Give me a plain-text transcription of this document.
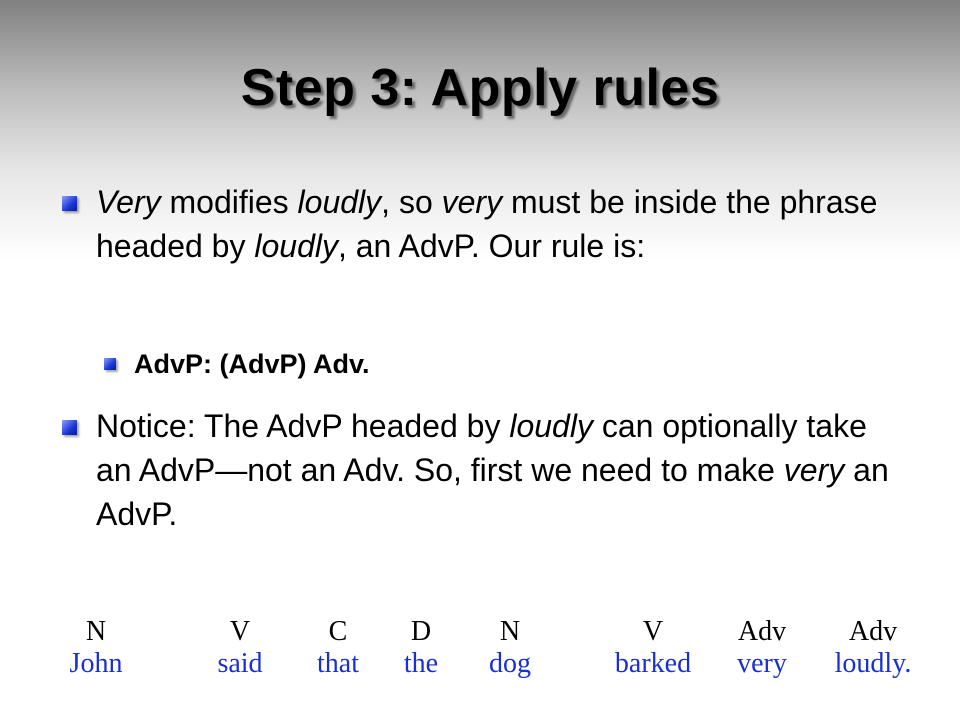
Step 3: Apply rules
Very modifies loudly, so very must be inside the phrase headed by loudly, an AdvP. Our rule is:
AdvP: (AdvP) Adv.
Notice: The AdvP headed by loudly can optionally take an AdvP—not an Adv. So, first we need to make very an AdvP.
N
John
V
said
C
that
D
the
N
dog
V
barked
Adv
very
Adv
loudly.
